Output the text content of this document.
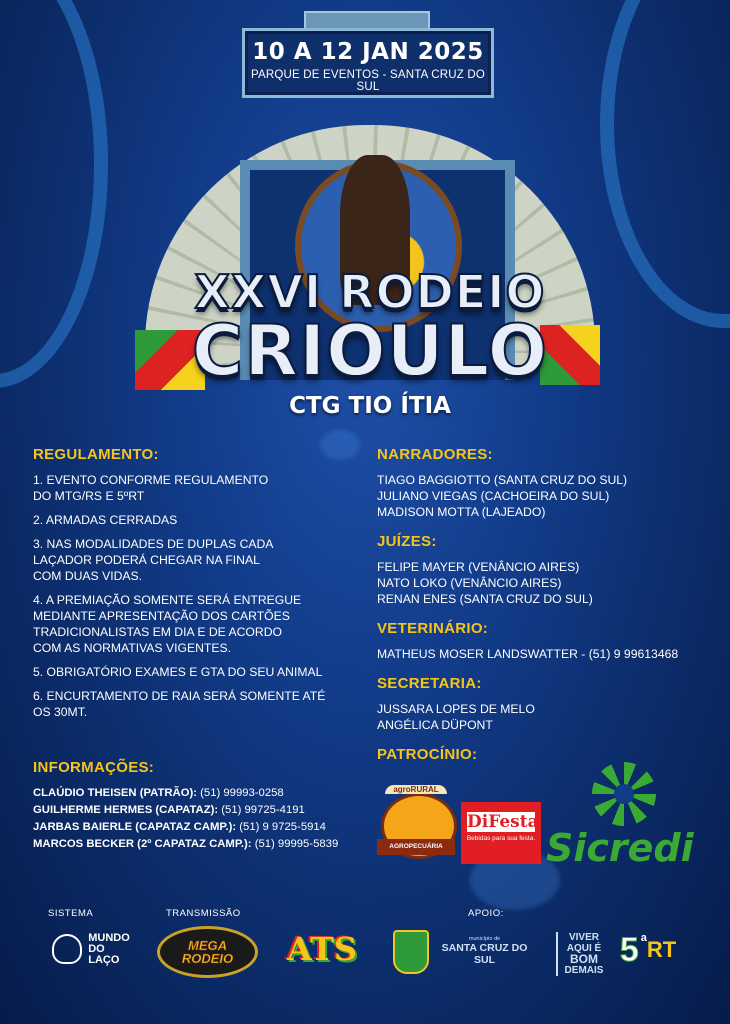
10 A 12 JAN 2025
PARQUE DE EVENTOS - SANTA CRUZ DO SUL
XXVI RODEIO
CRIOULO
CTG TIO ÍTIA
REGULAMENTO:
1. EVENTO CONFORME REGULAMENTO
DO MTG/RS E 5ºRT
2. ARMADAS CERRADAS
3. NAS MODALIDADES DE DUPLAS CADA
LAÇADOR PODERÁ CHEGAR NA FINAL
COM DUAS VIDAS.
4. A PREMIAÇÃO SOMENTE SERÁ ENTREGUE
MEDIANTE APRESENTAÇÃO DOS CARTÕES
TRADICIONALISTAS EM DIA E DE ACORDO
COM AS NORMATIVAS VIGENTES.
5. OBRIGATÓRIO EXAMES E GTA DO SEU ANIMAL
6. ENCURTAMENTO DE RAIA SERÁ SOMENTE ATÉ
OS 30MT.
INFORMAÇÕES:
CLAÚDIO THEISEN (PATRÃO): (51) 99993-0258
GUILHERME HERMES (CAPATAZ): (51) 99725-4191
JARBAS BAIERLE (CAPATAZ CAMP.): (51) 9 9725-5914
MARCOS BECKER (2º CAPATAZ CAMP.): (51) 99995-5839
NARRADORES:
TIAGO BAGGIOTTO (SANTA CRUZ DO SUL)
JULIANO VIEGAS (CACHOEIRA DO SUL)
MADISON MOTTA (LAJEADO)
JUÍZES:
FELIPE MAYER (VENÂNCIO AIRES)
NATO LOKO (VENÂNCIO AIRES)
RENAN ENES (SANTA CRUZ DO SUL)
VETERINÁRIO:
MATHEUS MOSER LANDSWATTER - (51) 9 99613468
SECRETARIA:
JUSSARA LOPES DE MELO
ANGÉLICA DÜPONT
PATROCÍNIO:
agroRURAL
AGROPECUÁRIA
DiFesta
Bebidas para sua festa. Sicredi
SISTEMA	TRANSMISSÃO	APOIO:
MUNDO
DO
LAÇO
MEGA
RODEIO ATS	município de
SANTA CRUZ DO SUL
VIVER
AQUI É
BOM
DEMAIS
5 a RT
